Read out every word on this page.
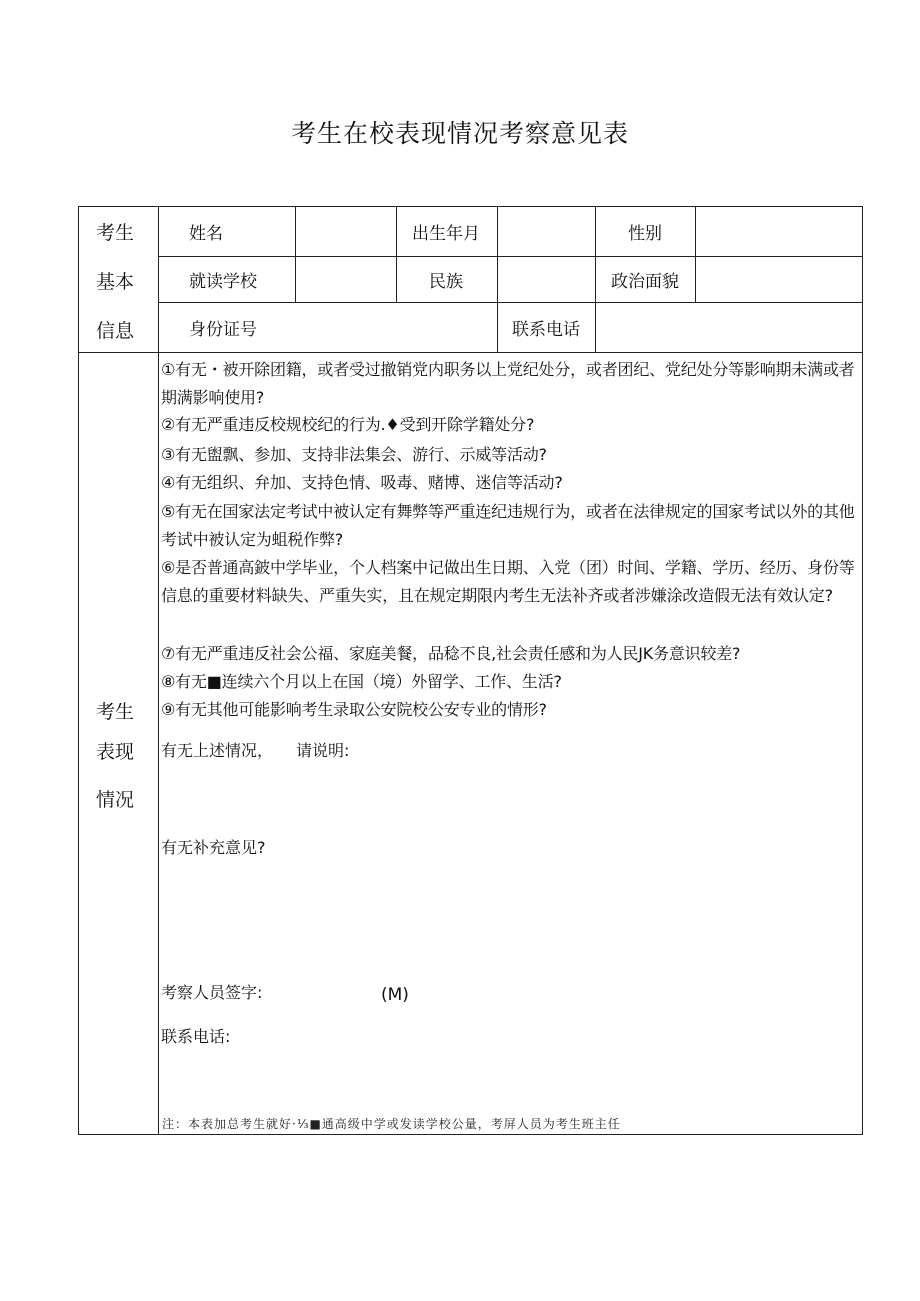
考生在校表现情况考察意见表
考生
基本
信息
姓名	出生年月	性别
就读学校	民族	政治面貌
身份证号	联系电话
考生
表现
情况
①有无・被开除团籍，或者受过撤销党内职务以上党纪处分，或者团纪、党纪处分等影响期未满或者期满影响使用?
②有无严重违反校规校纪的行为.♦受到开除学籍处分?
③有无盥飘、参加、支持非法集会、游行、示威等活动?
④有无组织、弁加、支持色情、吸毒、赌博、迷信等活动?
⑤有无在国家法定考试中被认定有舞弊等严重连纪违规行为，或者在法律规定的国家考试以外的其他考试中被认定为蛆税作弊?
⑥是否普通高鈹中学毕业，个人档案中记做出生日期、入党（团）时间、学籍、学历、经历、身份等信息的重要材料缺失、严重失实，且在规定期限内考生无法补齐或者涉嫌涂改造假无法有效认定?
⑦有无严重违反社会公福、家庭美餐，品稔不良,社会责任感和为人民JK务意识较差?
⑧有无■连续六个月以上在国（境）外留学、工作、生活?
⑨有无其他可能影响考生录取公安院校公安专业的情形?
有无上述情况， 请说明:
有无补充意见?
考察人员签字:	(M)
联系电话:
注：本表加总考生就好·⅓■通高级中学或发读学校公量，考屏人员为考生班主任
